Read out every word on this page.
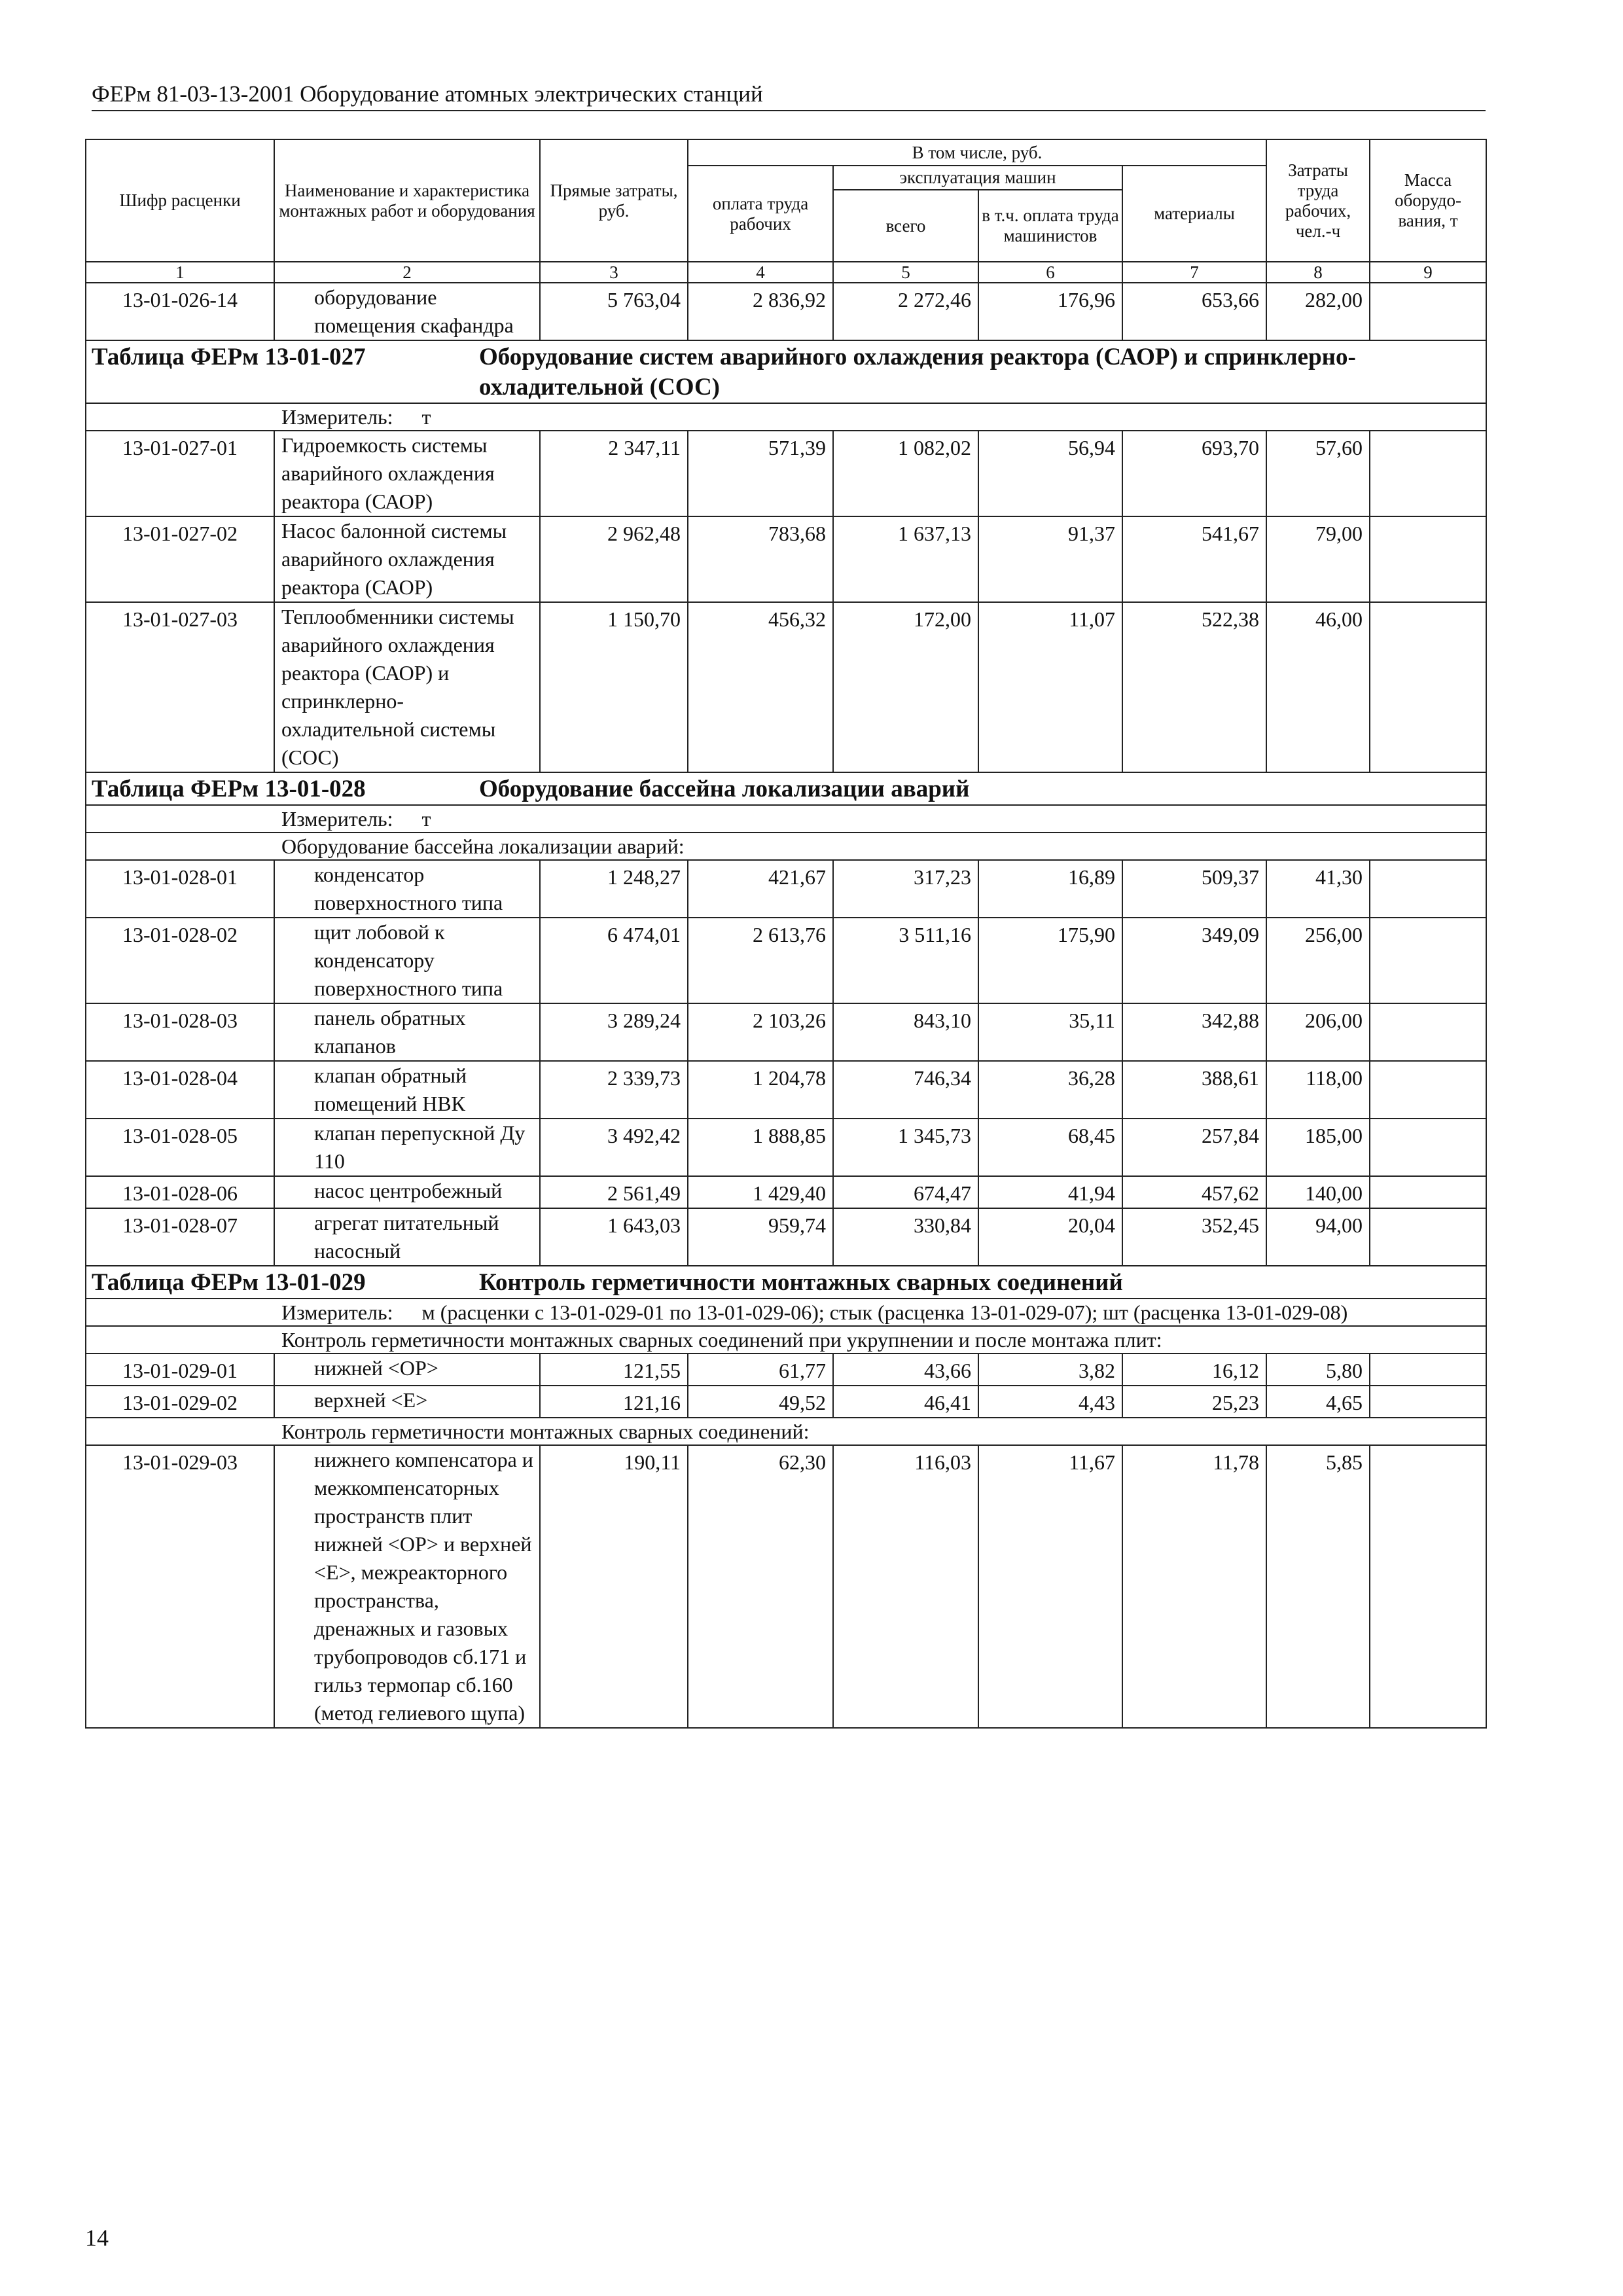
ФЕРм 81-03-13-2001 Оборудование атомных электрических станций
Шифр расценки	Наименование и характеристика монтажных работ и оборудования	Прямые затраты, руб.	В том числе, руб.				Затраты труда рабочих, чел.-ч	Масса оборудо-вания, т
			оплата труда рабочих	эксплуатация машин		материалы		
				всего	в т.ч. оплата труда машинистов			
1	2	3	4	5	6	7	8	9
13-01-026-14	оборудование помещения скафандра	5 763,04	2 836,92	2 272,46	176,96	653,66	282,00	
Таблица ФЕРм 13-01-027 Оборудование систем аварийного охлаждения реактора (САОР) и спринклерно-охладительной (СОС)								

Измеритель: т								

13-01-027-01	Гидроемкость системы аварийного охлаждения реактора (САОР)	2 347,11	571,39	1 082,02	56,94	693,70	57,60	
13-01-027-02	Насос балонной системы аварийного охлаждения реактора (САОР)	2 962,48	783,68	1 637,13	91,37	541,67	79,00	
13-01-027-03	Теплообменники системы аварийного охлаждения реактора (САОР) и спринклерно-охладительной системы (СОС)	1 150,70	456,32	172,00	11,07	522,38	46,00	
Таблица ФЕРм 13-01-028 Оборудование бассейна локализации аварий								

Измеритель: т								

Оборудование бассейна локализации аварий:								

13-01-028-01	конденсатор поверхностного типа	1 248,27	421,67	317,23	16,89	509,37	41,30	
13-01-028-02	щит лобовой к конденсатору поверхностного типа	6 474,01	2 613,76	3 511,16	175,90	349,09	256,00	
13-01-028-03	панель обратных клапанов	3 289,24	2 103,26	843,10	35,11	342,88	206,00	
13-01-028-04	клапан обратный помещений НВК	2 339,73	1 204,78	746,34	36,28	388,61	118,00	
13-01-028-05	клапан перепускной Ду 110	3 492,42	1 888,85	1 345,73	68,45	257,84	185,00	
13-01-028-06	насос центробежный	2 561,49	1 429,40	674,47	41,94	457,62	140,00	
13-01-028-07	агрегат питательный насосный	1 643,03	959,74	330,84	20,04	352,45	94,00	
Таблица ФЕРм 13-01-029 Контроль герметичности монтажных сварных соединений								

Измеритель: м (расценки с 13-01-029-01 по 13-01-029-06); стык (расценка 13-01-029-07); шт (расценка 13-01-029-08)								

Контроль герметичности монтажных сварных соединений при укрупнении и после монтажа плит:								

13-01-029-01	нижней <ОР>	121,55	61,77	43,66	3,82	16,12	5,80	
13-01-029-02	верхней <Е>	121,16	49,52	46,41	4,43	25,23	4,65	

Контроль герметичности монтажных сварных соединений:								

13-01-029-03	нижнего компенсатора и межкомпенсаторных пространств плит нижней <ОР> и верхней <Е>, межреакторного пространства, дренажных и газовых трубопроводов сб.171 и гильз термопар сб.160 (метод гелиевого щупа)	190,11	62,30	116,03	11,67	11,78	5,85	
14
